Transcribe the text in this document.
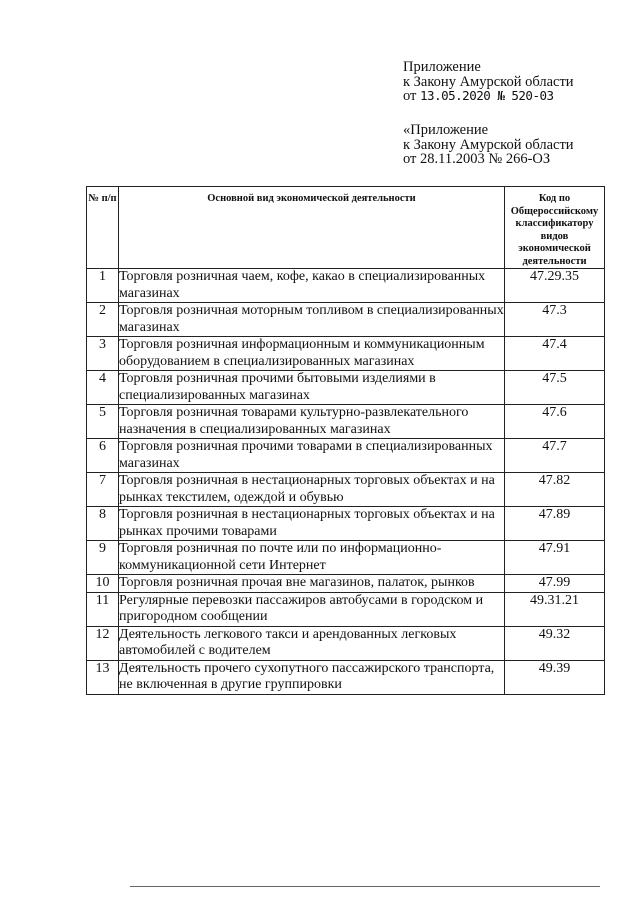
Приложение
к Закону Амурской области
от 13.05.2020 № 520-03
«Приложение
к Закону Амурской области
от 28.11.2003 № 266-ОЗ
№ п/п	Основной вид экономической деятельности	Код по Общероссийскому классификатору видов экономической деятельности
1	Торговля розничная чаем, кофе, какао в специализированных магазинах	47.29.35
2	Торговля розничная моторным топливом в специализированных магазинах	47.3
3	Торговля розничная информационным и коммуникационным оборудованием в специализированных магазинах	47.4
4	Торговля розничная прочими бытовыми изделиями в специализированных магазинах	47.5
5	Торговля розничная товарами культурно-развлекательного назначения в специализированных магазинах	47.6
6	Торговля розничная прочими товарами в специализированных магазинах	47.7
7	Торговля розничная в нестационарных торговых объектах и на рынках текстилем, одеждой и обувью	47.82
8	Торговля розничная в нестационарных торговых объектах и на рынках прочими товарами	47.89
9	Торговля розничная по почте или по информационно-коммуникационной сети Интернет	47.91
10	Торговля розничная прочая вне магазинов, палаток, рынков	47.99
11	Регулярные перевозки пассажиров автобусами в городском и пригородном сообщении	49.31.21
12	Деятельность легкового такси и арендованных легковых автомобилей с водителем	49.32
13	Деятельность прочего сухопутного пассажирского транспорта, не включенная в другие группировки	49.39
